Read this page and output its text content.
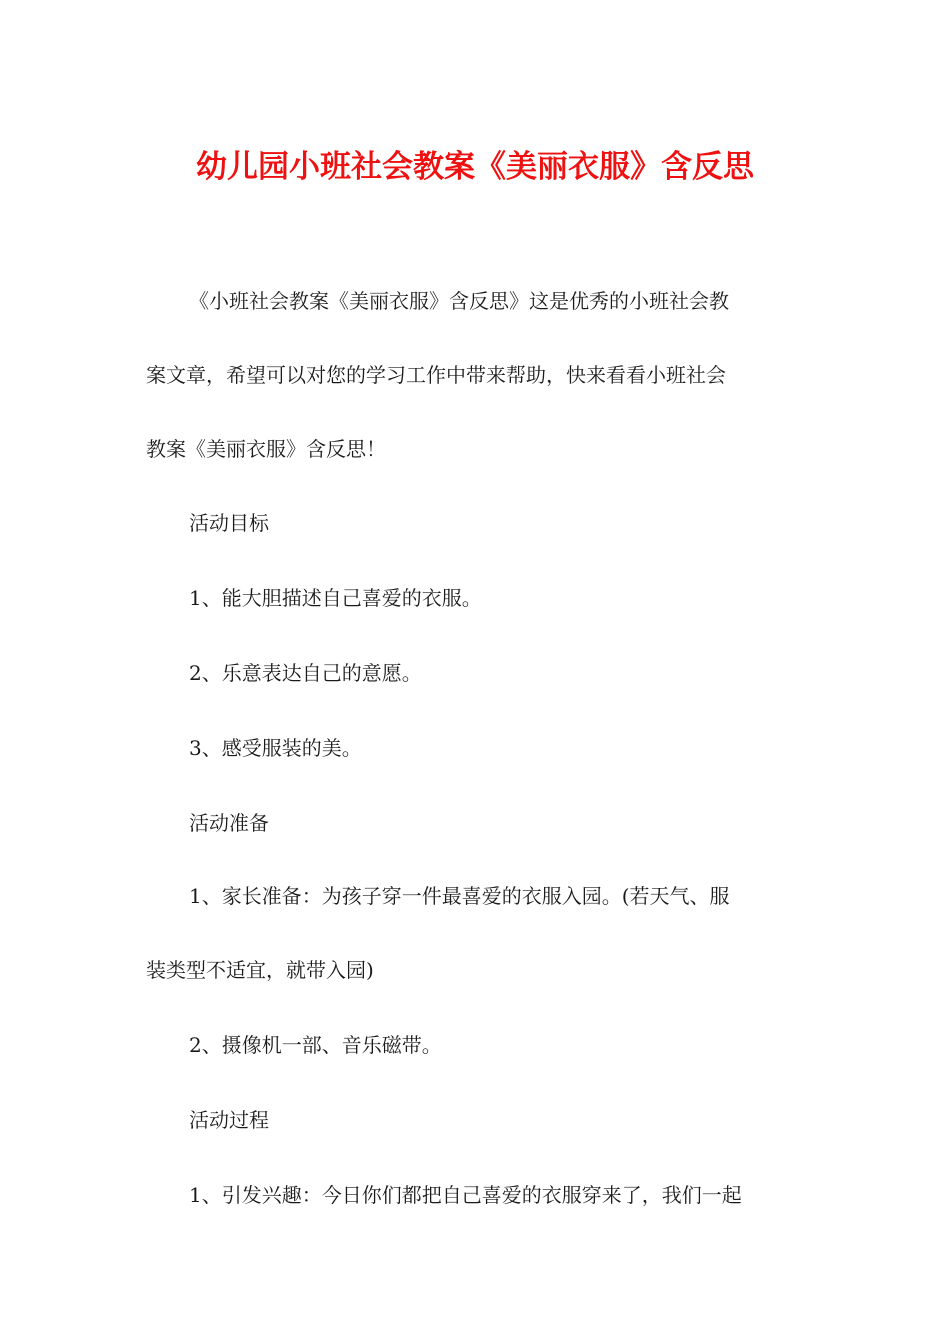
幼儿园小班社会教案《美丽衣服》含反思
《小班社会教案《美丽衣服》含反思》这是优秀的小班社会教
案文章，希望可以对您的学习工作中带来帮助，快来看看小班社会
教案《美丽衣服》含反思！
活动目标
1、能大胆描述自己喜爱的衣服。
2、乐意表达自己的意愿。
3、感受服装的美。
活动准备
1、家长准备：为孩子穿一件最喜爱的衣服入园。(若天气、服
装类型不适宜，就带入园)
2、摄像机一部、音乐磁带。
活动过程
1、引发兴趣：今日你们都把自己喜爱的衣服穿来了，我们一起
